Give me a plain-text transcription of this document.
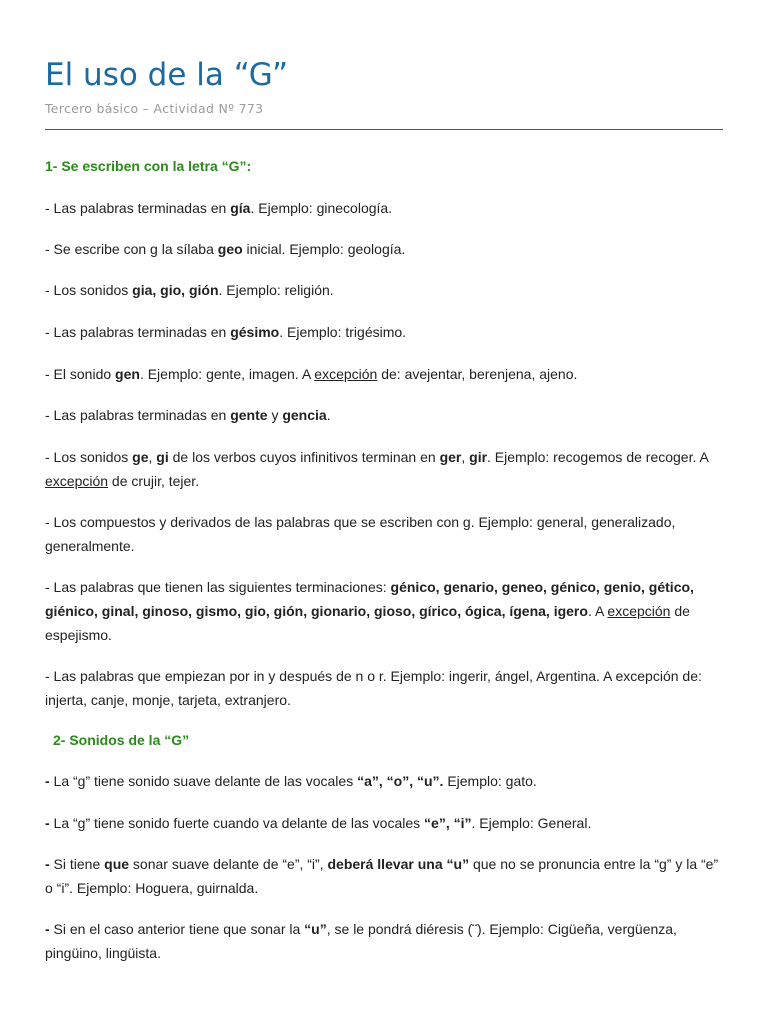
El uso de la “G”
Tercero básico – Actividad Nº 773

1- Se escriben con la letra “G”:

- Las palabras terminadas en gía. Ejemplo: ginecología.

- Se escribe con g la sílaba geo inicial. Ejemplo: geología.

- Los sonidos gia, gio, gión. Ejemplo: religión.

- Las palabras terminadas en gésimo. Ejemplo: trigésimo.

- El sonido gen. Ejemplo: gente, imagen. A excepción de: avejentar, berenjena, ajeno.

- Las palabras terminadas en gente y gencia.

- Los sonidos ge, gi de los verbos cuyos infinitivos terminan en ger, gir. Ejemplo: recogemos de recoger. A excepción de crujir, tejer.

- Los compuestos y derivados de las palabras que se escriben con g. Ejemplo: general, generalizado, generalmente.

- Las palabras que tienen las siguientes terminaciones: génico, genario, geneo, génico, genio, gético, giénico, ginal, ginoso, gismo, gio, gión, gionario, gioso, gírico, ógica, ígena, igero. A excepción de espejismo.

- Las palabras que empiezan por in y después de n o r. Ejemplo: ingerir, ángel, Argentina. A excepción de: injerta, canje, monje, tarjeta, extranjero.

2- Sonidos de la “G”

- La “g” tiene sonido suave delante de las vocales “a”, “o”, “u”. Ejemplo: gato.

- La “g” tiene sonido fuerte cuando va delante de las vocales “e”, “i”. Ejemplo: General.

- Si tiene que sonar suave delante de “e”, “i”, deberá llevar una “u” que no se pronuncia entre la “g” y la “e” o “i”. Ejemplo: Hoguera, guirnalda.

- Si en el caso anterior tiene que sonar la “u”, se le pondrá diéresis (¨). Ejemplo: Cigüeña, vergüenza, pingüino, lingüista.
